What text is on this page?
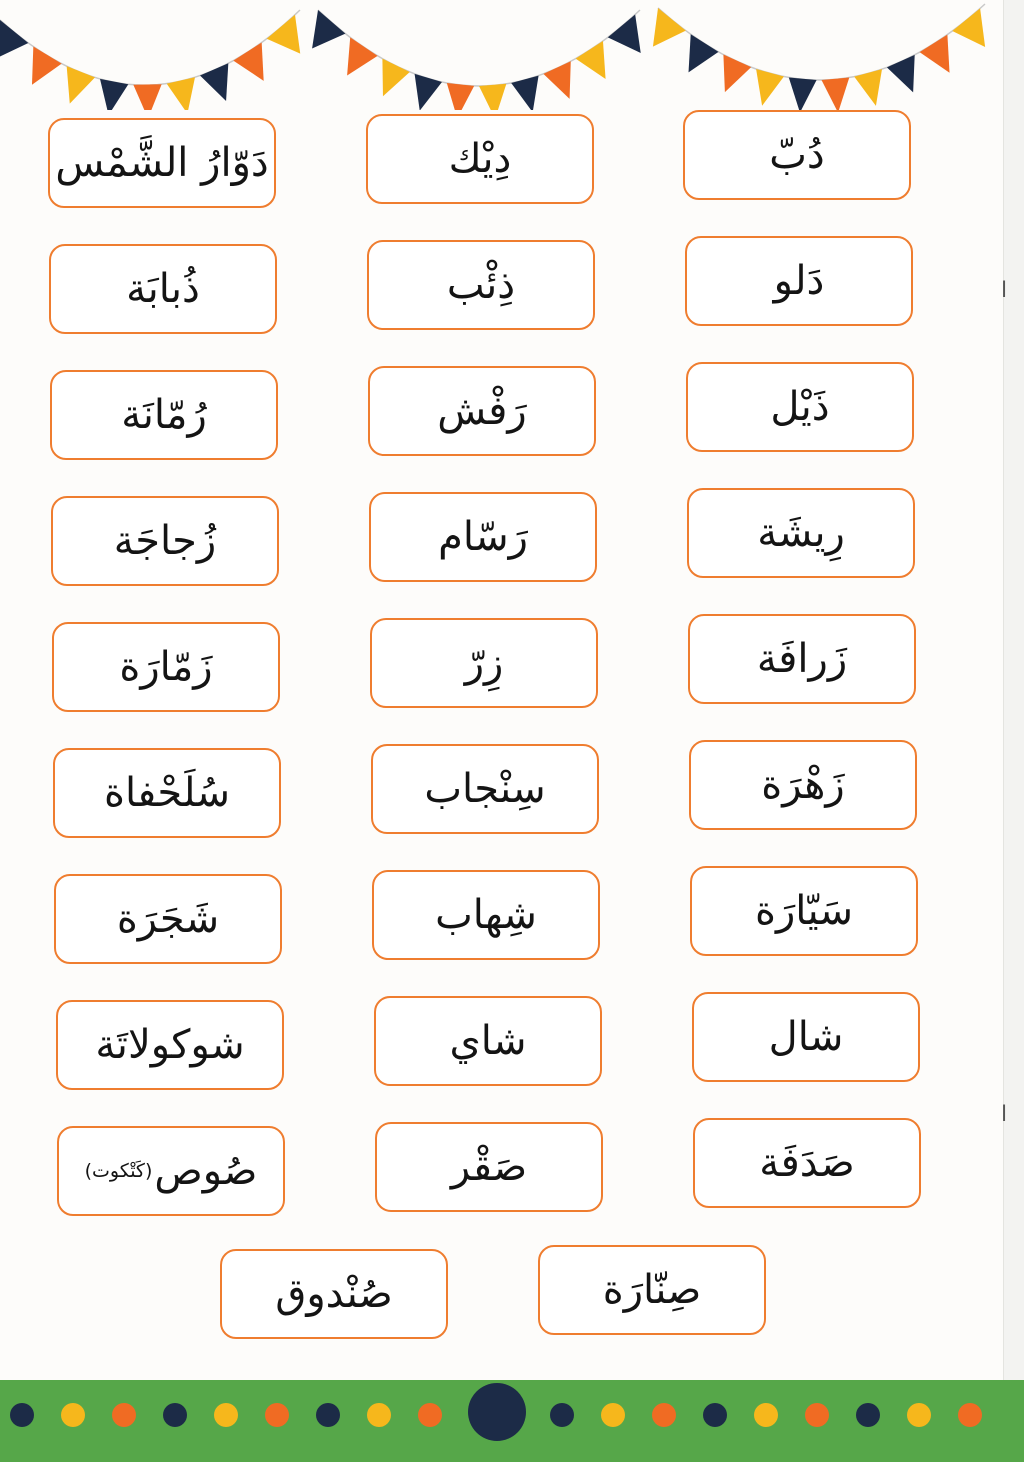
ا
ا
دُبّ
دِيْك
دَوّارُ الشَّمْس
دَلو
ذِئْب
ذُبابَة
ذَيْل
رَفْش
رُمّانَة
رِيشَة
رَسّام
زُجاجَة
زَرافَة
زِرّ
زَمّارَة
زَهْرَة
سِنْجاب
سُلَحْفاة
سَيّارَة
شِهاب
شَجَرَة
شال
شاي
شوكولاتَة
صَدَفَة
صَقْر
صُوص
(كَتْكوت)
صِنّارَة
صُنْدوق
